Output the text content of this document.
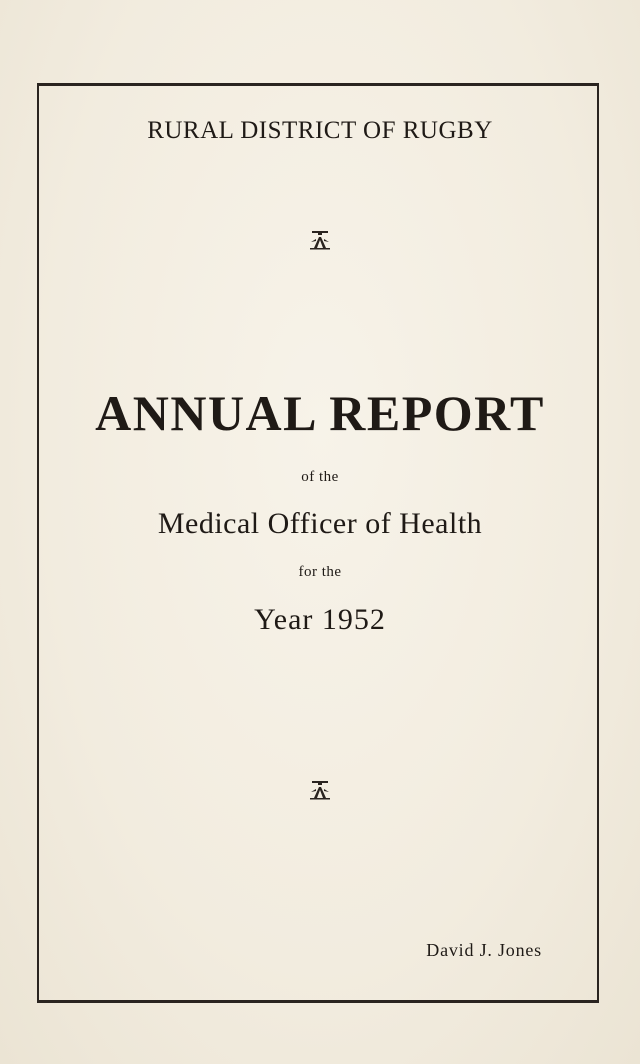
RURAL DISTRICT OF RUGBY
ANNUAL REPORT
of the
Medical Officer of Health
for the
Year 1952
David J. Jones
